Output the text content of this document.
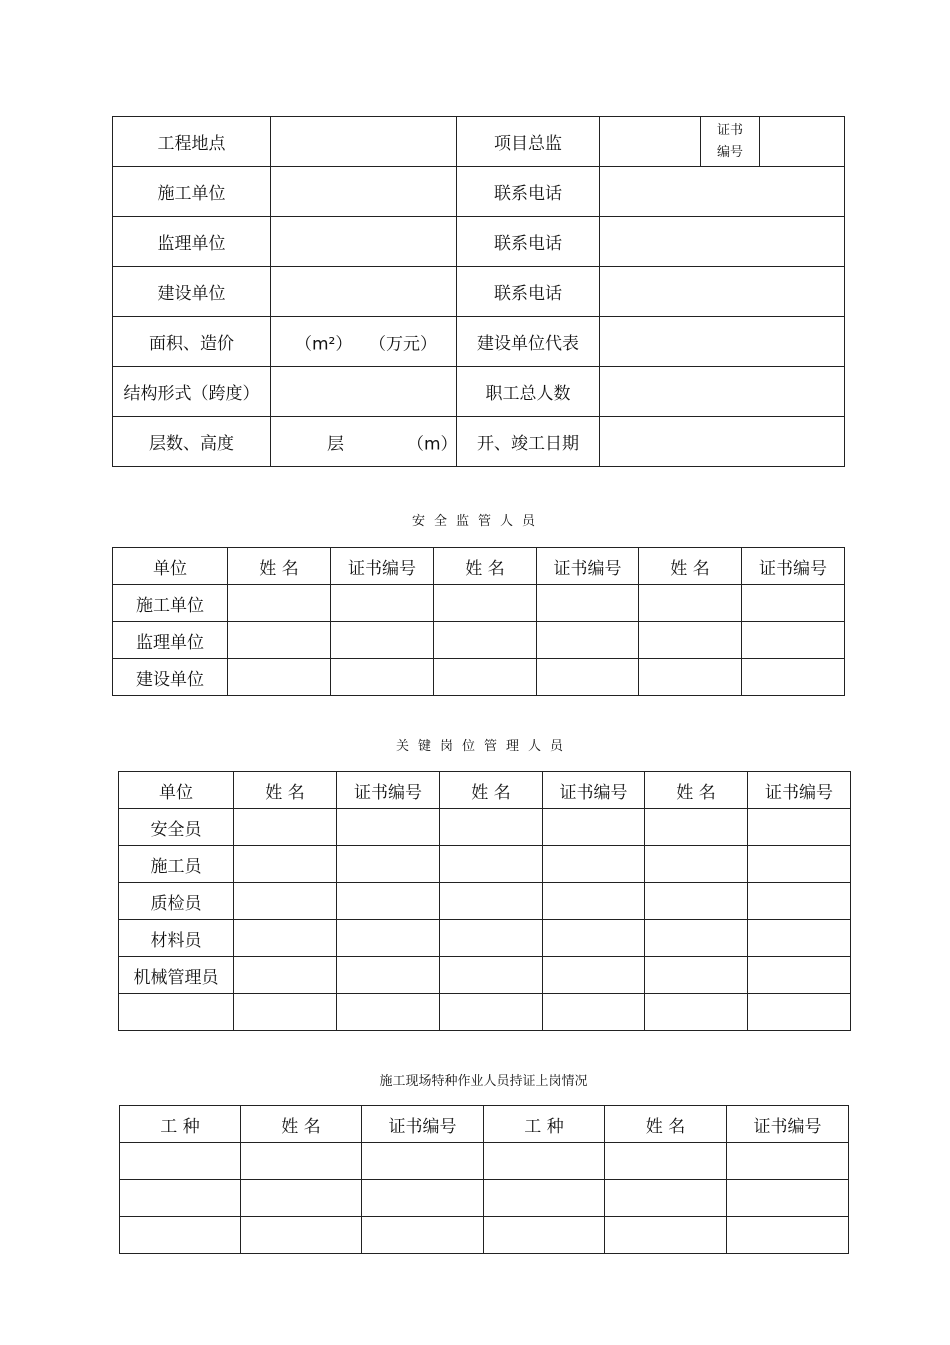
工程地点		项目总监		证书
编号	

施工单位		联系电话			
监理单位		联系电话			
建设单位		联系电话			
面积、造价	（m²） （万元）	建设单位代表			
结构形式（跨度）		职工总人数			
层数、高度	层 （m）	开、竣工日期			
安全监管人员
单位	姓 名	证书编号	姓 名	证书编号	姓 名	证书编号
施工单位						
监理单位						
建设单位						
关键岗位管理人员
单位	姓 名	证书编号	姓 名	证书编号	姓 名	证书编号
安全员						
施工员						
质检员						
材料员						
机械管理员						

施工现场特种作业人员持证上岗情况
工 种	姓 名	证书编号	工 种	姓 名	证书编号
